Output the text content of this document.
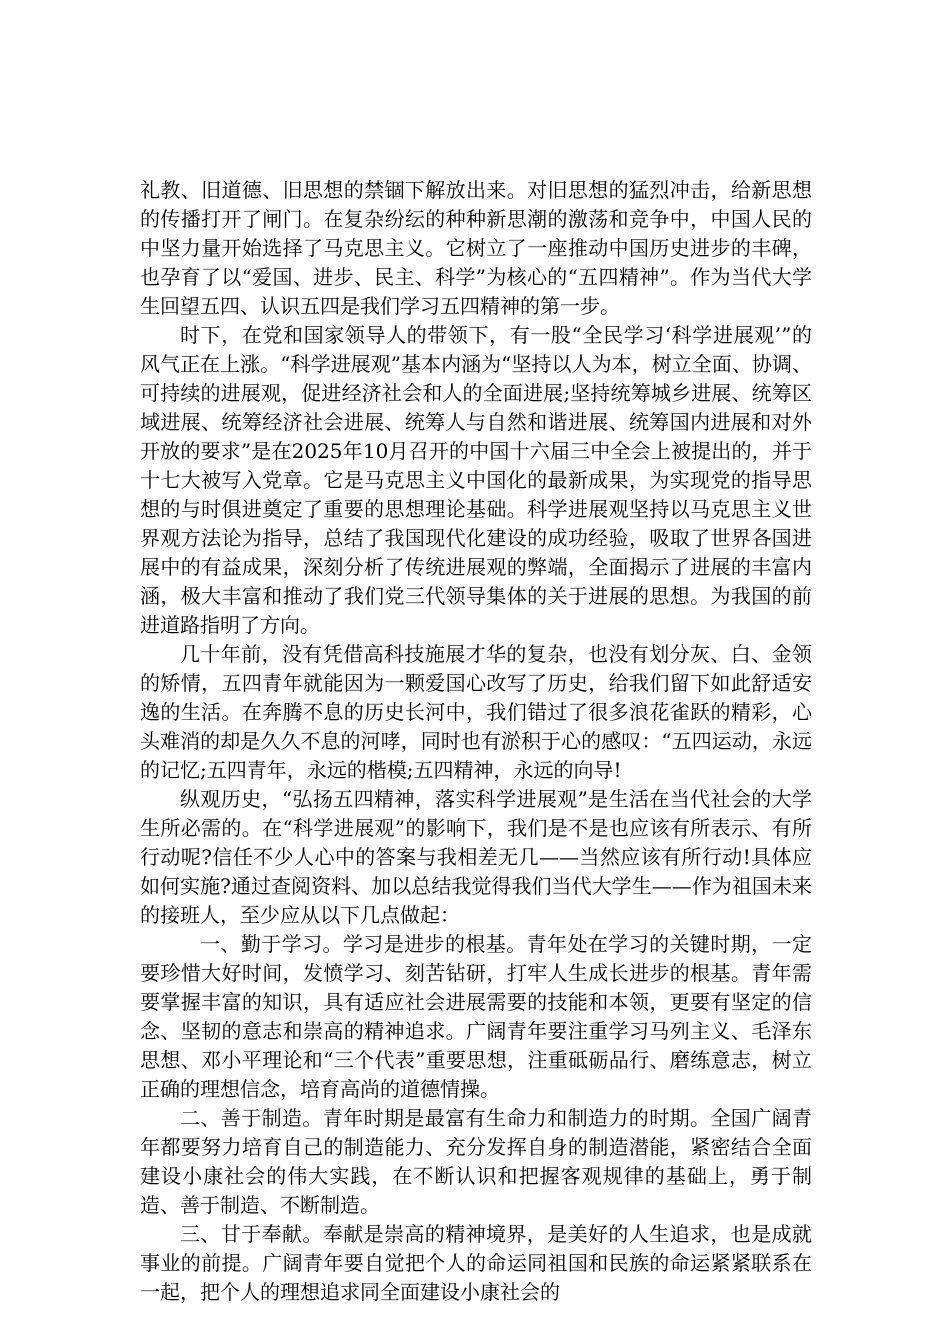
礼教、旧道德、旧思想的禁锢下解放出来。对旧思想的猛烈冲击，给新思想的传播打开了闸门。在复杂纷纭的种种新思潮的激荡和竞争中，中国人民的中坚力量开始选择了马克思主义。它树立了一座推动中国历史进步的丰碑，也孕育了以“爱国、进步、民主、科学”为核心的“五四精神”。作为当代大学生回望五四、认识五四是我们学习五四精神的第一步。

时下，在党和国家领导人的带领下，有一股“全民学习‘科学进展观’”的风气正在上涨。“科学进展观”基本内涵为“坚持以人为本，树立全面、协调、可持续的进展观，促进经济社会和人的全面进展;坚持统筹城乡进展、统筹区域进展、统筹经济社会进展、统筹人与自然和谐进展、统筹国内进展和对外开放的要求”是在2025年10月召开的中国十六届三中全会上被提出的，并于十七大被写入党章。它是马克思主义中国化的最新成果，为实现党的指导思想的与时俱进奠定了重要的思想理论基础。科学进展观坚持以马克思主义世界观方法论为指导，总结了我国现代化建设的成功经验，吸取了世界各国进展中的有益成果，深刻分析了传统进展观的弊端，全面揭示了进展的丰富内涵，极大丰富和推动了我们党三代领导集体的关于进展的思想。为我国的前进道路指明了方向。

几十年前，没有凭借高科技施展才华的复杂，也没有划分灰、白、金领的矫情，五四青年就能因为一颗爱国心改写了历史，给我们留下如此舒适安逸的生活。在奔腾不息的历史长河中，我们错过了很多浪花雀跃的精彩，心头难消的却是久久不息的河哮，同时也有淤积于心的感叹：“五四运动，永远的记忆;五四青年，永远的楷模;五四精神，永远的向导!

纵观历史，“弘扬五四精神，落实科学进展观”是生活在当代社会的大学生所必需的。在“科学进展观”的影响下，我们是不是也应该有所表示、有所行动呢?信任不少人心中的答案与我相差无几——当然应该有所行动!具体应如何实施?通过查阅资料、加以总结我觉得我们当代大学生——作为祖国未来的接班人，至少应从以下几点做起：

一、勤于学习。学习是进步的根基。青年处在学习的关键时期，一定要珍惜大好时间，发愤学习、刻苦钻研，打牢人生成长进步的根基。青年需要掌握丰富的知识，具有适应社会进展需要的技能和本领，更要有坚定的信念、坚韧的意志和崇高的精神追求。广阔青年要注重学习马列主义、毛泽东思想、邓小平理论和“三个代表”重要思想，注重砥砺品行、磨练意志，树立正确的理想信念，培育高尚的道德情操。

二、善于制造。青年时期是最富有生命力和制造力的时期。全国广阔青年都要努力培育自己的制造能力、充分发挥自身的制造潜能，紧密结合全面建设小康社会的伟大实践，在不断认识和把握客观规律的基础上，勇于制造、善于制造、不断制造。

三、甘于奉献。奉献是崇高的精神境界，是美好的人生追求，也是成就事业的前提。广阔青年要自觉把个人的命运同祖国和民族的命运紧紧联系在一起，把个人的理想追求同全面建设小康社会的
